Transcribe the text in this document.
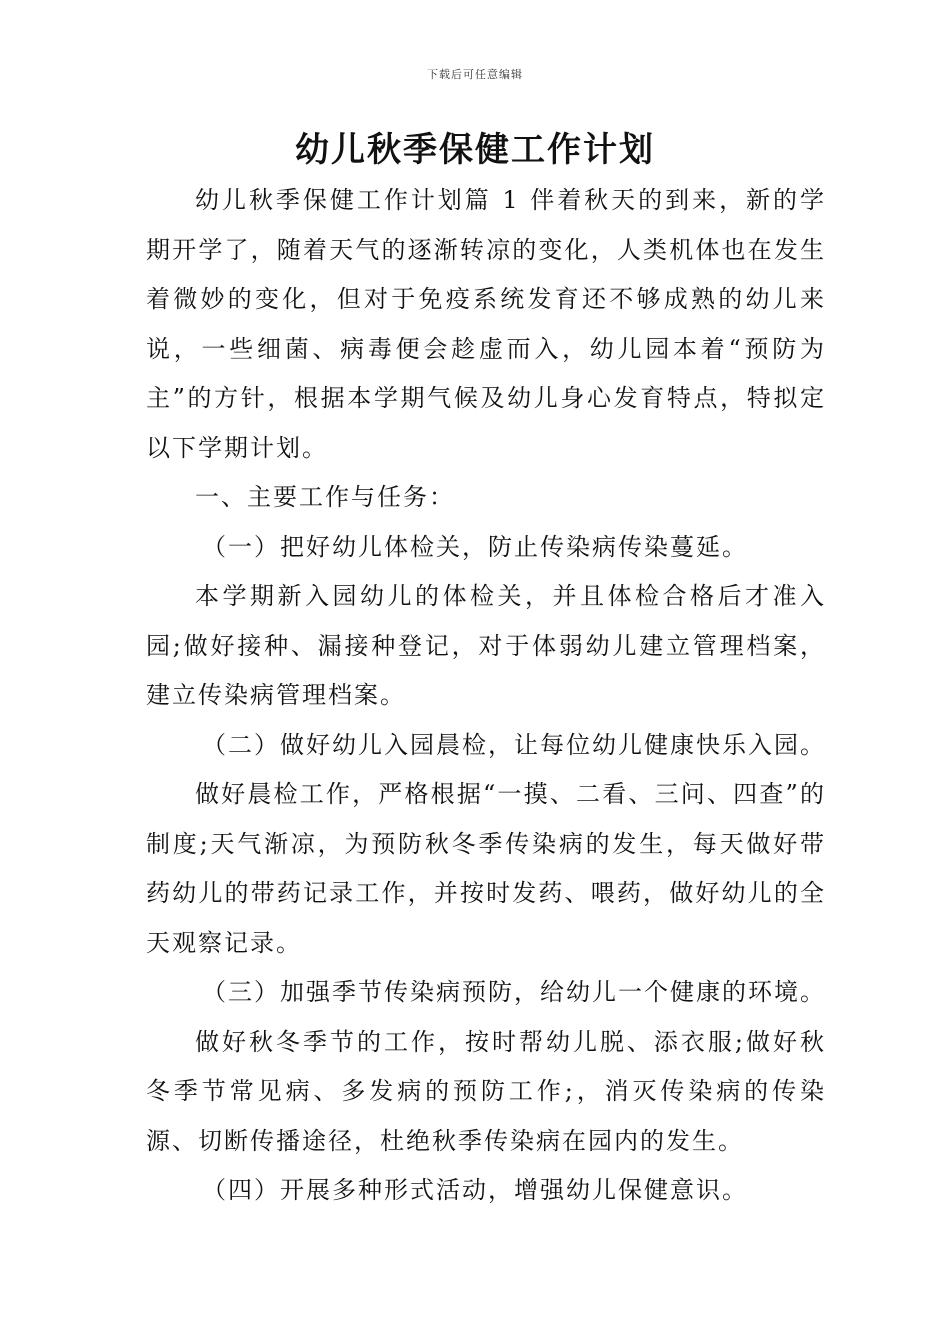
下载后可任意编辑
幼儿秋季保健工作计划

幼儿秋季保健工作计划篇 1 伴着秋天的到来，新的学期开学了，随着天气的逐渐转凉的变化，人类机体也在发生着微妙的变化，但对于免疫系统发育还不够成熟的幼儿来说，一些细菌、病毒便会趁虚而入，幼儿园本着“预防为主”的方针，根据本学期气候及幼儿身心发育特点，特拟定以下学期计划。

一、主要工作与任务：

（一）把好幼儿体检关，防止传染病传染蔓延。

本学期新入园幼儿的体检关，并且体检合格后才准入园;做好接种、漏接种登记，对于体弱幼儿建立管理档案，建立传染病管理档案。

（二）做好幼儿入园晨检，让每位幼儿健康快乐入园。

做好晨检工作，严格根据“一摸、二看、三问、四查”的制度;天气渐凉，为预防秋冬季传染病的发生，每天做好带药幼儿的带药记录工作，并按时发药、喂药，做好幼儿的全天观察记录。

（三）加强季节传染病预防，给幼儿一个健康的环境。

做好秋冬季节的工作，按时帮幼儿脱、添衣服;做好秋冬季节常见病、多发病的预防工作;，消灭传染病的传染源、切断传播途径，杜绝秋季传染病在园内的发生。

（四）开展多种形式活动，增强幼儿保健意识。
